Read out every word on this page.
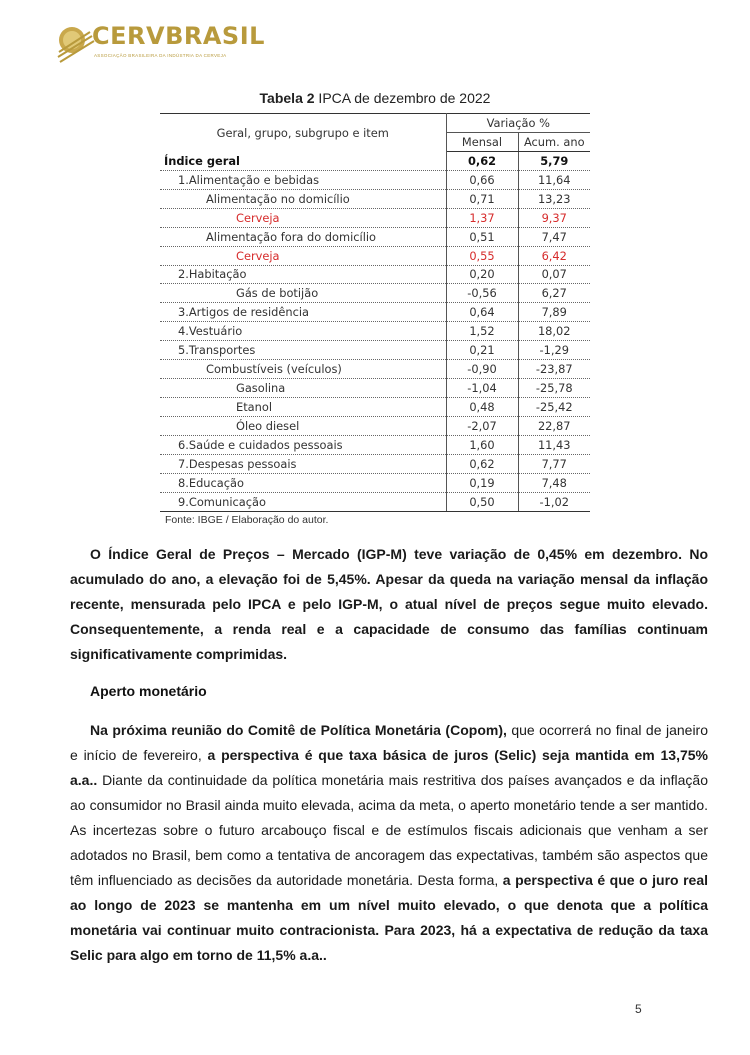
CERVBRASIL
ASSOCIAÇÃO BRASILEIRA DA INDÚSTRIA DA CERVEJA
Tabela 2 IPCA de dezembro de 2022
Geral, grupo, subgrupo e item	Variação %	
	Mensal	Acum. ano
Índice geral	0,62	5,79
1.Alimentação e bebidas	0,66	11,64
Alimentação no domicílio	0,71	13,23
Cerveja	1,37	9,37
Alimentação fora do domicílio	0,51	7,47
Cerveja	0,55	6,42
2.Habitação	0,20	0,07
Gás de botijão	-0,56	6,27
3.Artigos de residência	0,64	7,89
4.Vestuário	1,52	18,02
5.Transportes	0,21	-1,29
Combustíveis (veículos)	-0,90	-23,87
Gasolina	-1,04	-25,78
Etanol	0,48	-25,42
Óleo diesel	-2,07	22,87
6.Saúde e cuidados pessoais	1,60	11,43
7.Despesas pessoais	0,62	7,77
8.Educação	0,19	7,48
9.Comunicação	0,50	-1,02
Fonte: IBGE / Elaboração do autor.

O Índice Geral de Preços – Mercado (IGP-M) teve variação de 0,45% em dezembro. No acumulado do ano, a elevação foi de 5,45%. Apesar da queda na variação mensal da inflação recente, mensurada pelo IPCA e pelo IGP-M, o atual nível de preços segue muito elevado. Consequentemente, a renda real e a capacidade de consumo das famílias continuam significativamente comprimidas.

Aperto monetário

Na próxima reunião do Comitê de Política Monetária (Copom), que ocorrerá no final de janeiro e início de fevereiro, a perspectiva é que taxa básica de juros (Selic) seja mantida em 13,75% a.a.. Diante da continuidade da política monetária mais restritiva dos países avançados e da inflação ao consumidor no Brasil ainda muito elevada, acima da meta, o aperto monetário tende a ser mantido. As incertezas sobre o futuro arcabouço fiscal e de estímulos fiscais adicionais que venham a ser adotados no Brasil, bem como a tentativa de ancoragem das expectativas, também são aspectos que têm influenciado as decisões da autoridade monetária. Desta forma, a perspectiva é que o juro real ao longo de 2023 se mantenha em um nível muito elevado, o que denota que a política monetária vai continuar muito contracionista. Para 2023, há a expectativa de redução da taxa Selic para algo em torno de 11,5% a.a..

5
